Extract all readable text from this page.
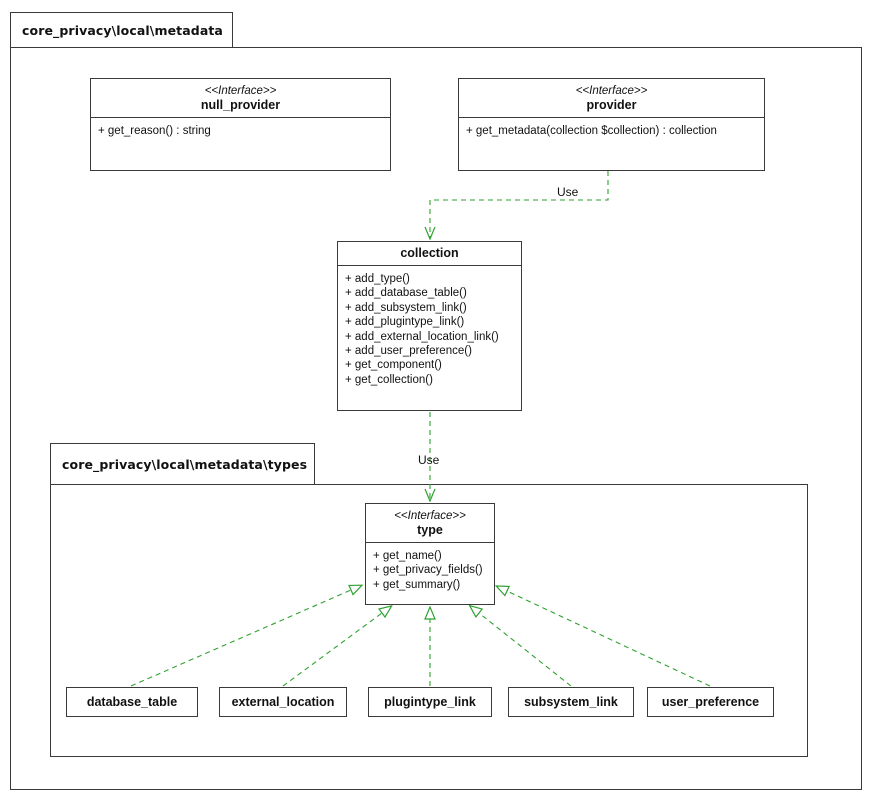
core_privacy\local\metadata
core_privacy\local\metadata\types
Use
Use
<<Interface>>
null_provider
+ get_reason() : string
<<Interface>>
provider
+ get_metadata(collection $collection) : collection
collection
+ add_type()
+ add_database_table()
+ add_subsystem_link()
+ add_plugintype_link()
+ add_external_location_link()
+ add_user_preference()
+ get_component()
+ get_collection()
<<Interface>>
type
+ get_name()
+ get_privacy_fields()
+ get_summary()
database_table	external_location	plugintype_link	subsystem_link	user_preference
